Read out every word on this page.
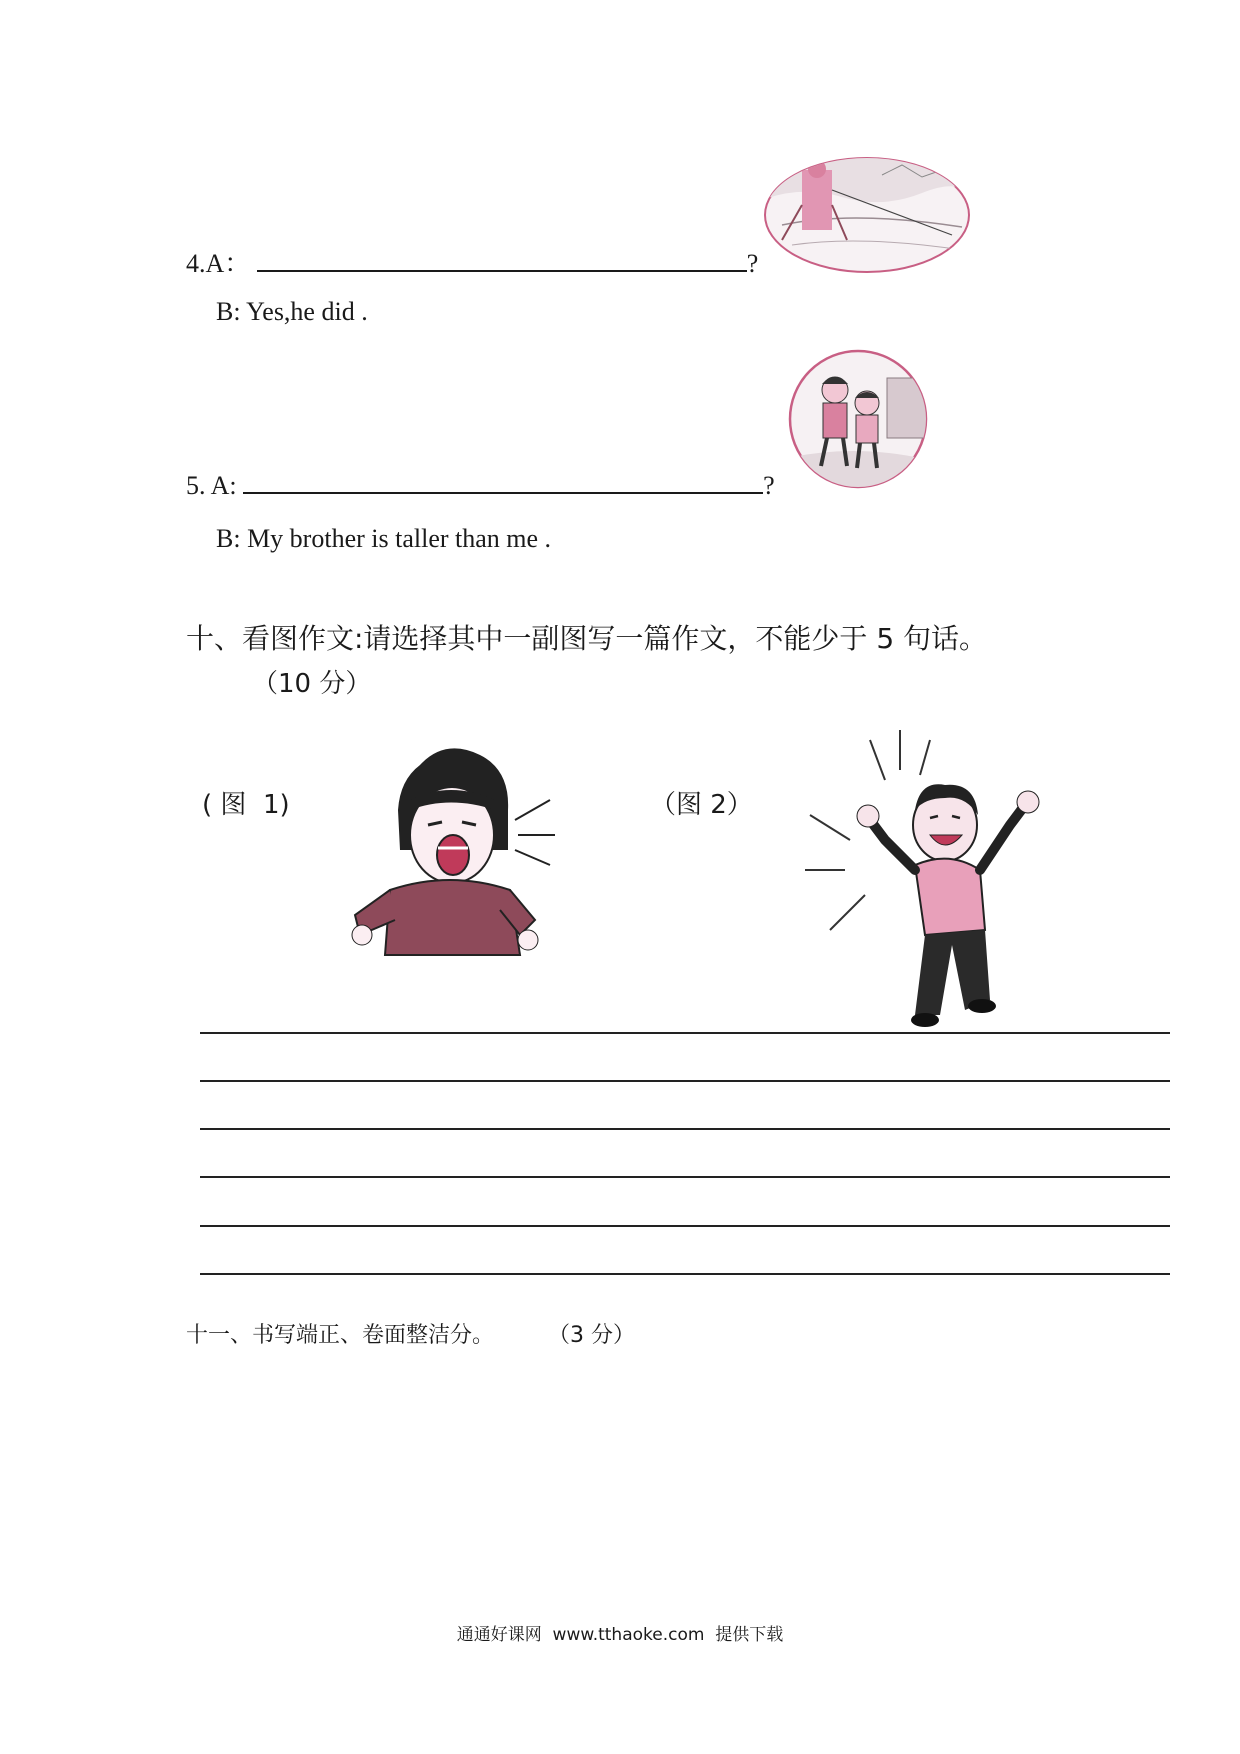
4.A：	?
B: Yes,he did .
5. A:	?
B: My brother is taller than me .
十、看图作文:请选择其中一副图写一篇作文，不能少于 5 句话。
（10 分）
( 图  1)	（图 2）
十一、书写端正、卷面整洁分。 （3 分）
通通好课网  www.tthaoke.com  提供下载
